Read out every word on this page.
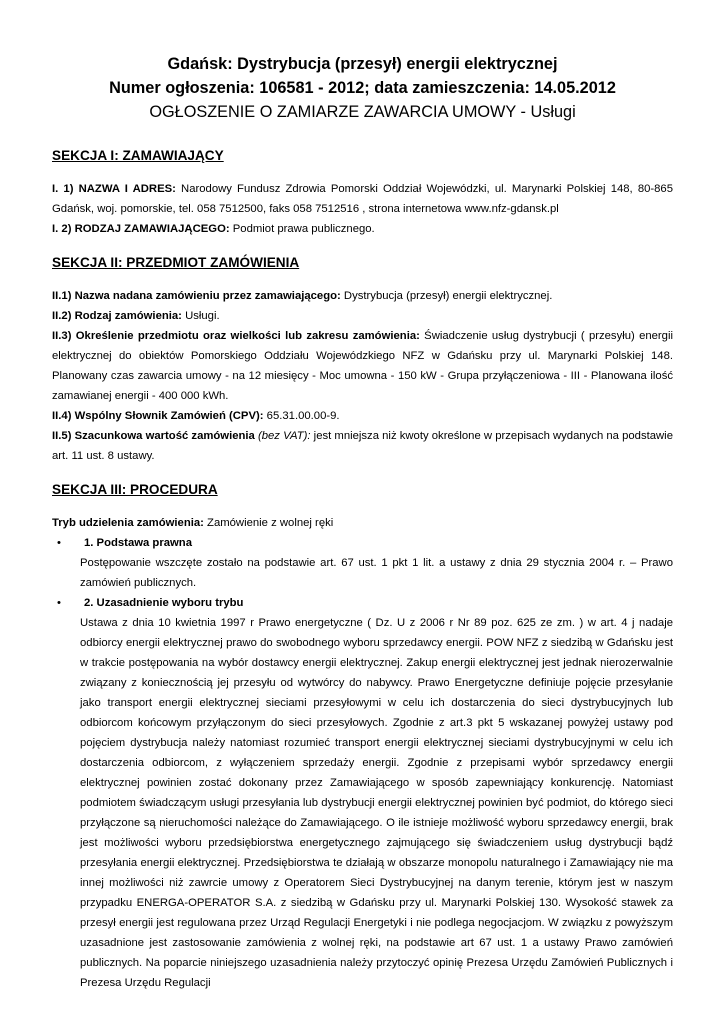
Gdańsk: Dystrybucja (przesył) energii elektrycznej
Numer ogłoszenia: 106581 - 2012; data zamieszczenia: 14.05.2012
OGŁOSZENIE O ZAMIARZE ZAWARCIA UMOWY - Usługi
SEKCJA I: ZAMAWIAJĄCY

I. 1) NAZWA I ADRES: Narodowy Fundusz Zdrowia Pomorski Oddział Wojewódzki, ul. Marynarki Polskiej 148, 80-865 Gdańsk, woj. pomorskie, tel. 058 7512500, faks 058 7512516 , strona internetowa www.nfz-gdansk.pl

I. 2) RODZAJ ZAMAWIAJĄCEGO: Podmiot prawa publicznego.

SEKCJA II: PRZEDMIOT ZAMÓWIENIA

II.1) Nazwa nadana zamówieniu przez zamawiającego: Dystrybucja (przesył) energii elektrycznej.

II.2) Rodzaj zamówienia: Usługi.

II.3) Określenie przedmiotu oraz wielkości lub zakresu zamówienia: Świadczenie usług dystrybucji ( przesyłu) energii elektrycznej do obiektów Pomorskiego Oddziału Wojewódzkiego NFZ w Gdańsku przy ul. Marynarki Polskiej 148. Planowany czas zawarcia umowy - na 12 miesięcy - Moc umowna - 150 kW - Grupa przyłączeniowa - III - Planowana ilość zamawianej energii - 400 000 kWh.

II.4) Wspólny Słownik Zamówień (CPV): 65.31.00.00-9.

II.5) Szacunkowa wartość zamówienia (bez VAT): jest mniejsza niż kwoty określone w przepisach wydanych na podstawie art. 11 ust. 8 ustawy.

SEKCJA III: PROCEDURA

Tryb udzielenia zamówienia: Zamówienie z wolnej ręki

• 1. Podstawa prawna

Postępowanie wszczęte zostało na podstawie art. 67 ust. 1 pkt 1 lit. a ustawy z dnia 29 stycznia 2004 r. – Prawo zamówień publicznych.

• 2. Uzasadnienie wyboru trybu

Ustawa z dnia 10 kwietnia 1997 r Prawo energetyczne ( Dz. U z 2006 r Nr 89 poz. 625 ze zm. ) w art. 4 j nadaje odbiorcy energii elektrycznej prawo do swobodnego wyboru sprzedawcy energii. POW NFZ z siedzibą w Gdańsku jest w trakcie postępowania na wybór dostawcy energii elektrycznej. Zakup energii elektrycznej jest jednak nierozerwalnie związany z koniecznością jej przesyłu od wytwórcy do nabywcy. Prawo Energetyczne definiuje pojęcie przesyłanie jako transport energii elektrycznej sieciami przesyłowymi w celu ich dostarczenia do sieci dystrybucyjnych lub odbiorcom końcowym przyłączonym do sieci przesyłowych. Zgodnie z art.3 pkt 5 wskazanej powyżej ustawy pod pojęciem dystrybucja należy natomiast rozumieć transport energii elektrycznej sieciami dystrybucyjnymi w celu ich dostarczenia odbiorcom, z wyłączeniem sprzedaży energii. Zgodnie z przepisami wybór sprzedawcy energii elektrycznej powinien zostać dokonany przez Zamawiającego w sposób zapewniający konkurencję. Natomiast podmiotem świadczącym usługi przesyłania lub dystrybucji energii elektrycznej powinien być podmiot, do którego sieci przyłączone są nieruchomości należące do Zamawiającego. O ile istnieje możliwość wyboru sprzedawcy energii, brak jest możliwości wyboru przedsiębiorstwa energetycznego zajmującego się świadczeniem usług dystrybucji bądź przesyłania energii elektrycznej. Przedsiębiorstwa te działają w obszarze monopolu naturalnego i Zamawiający nie ma innej możliwości niż zawrcie umowy z Operatorem Sieci Dystrybucyjnej na danym terenie, którym jest w naszym przypadku ENERGA-OPERATOR S.A. z siedzibą w Gdańsku przy ul. Marynarki Polskiej 130. Wysokość stawek za przesył energii jest regulowana przez Urząd Regulacji Energetyki i nie podlega negocjacjom. W związku z powyższym uzasadnione jest zastosowanie zamówienia z wolnej ręki, na podstawie art 67 ust. 1 a ustawy Prawo zamówień publicznych. Na poparcie niniejszego uzasadnienia należy przytoczyć opinię Prezesa Urzędu Zamówień Publicznych i Prezesa Urzędu Regulacji
